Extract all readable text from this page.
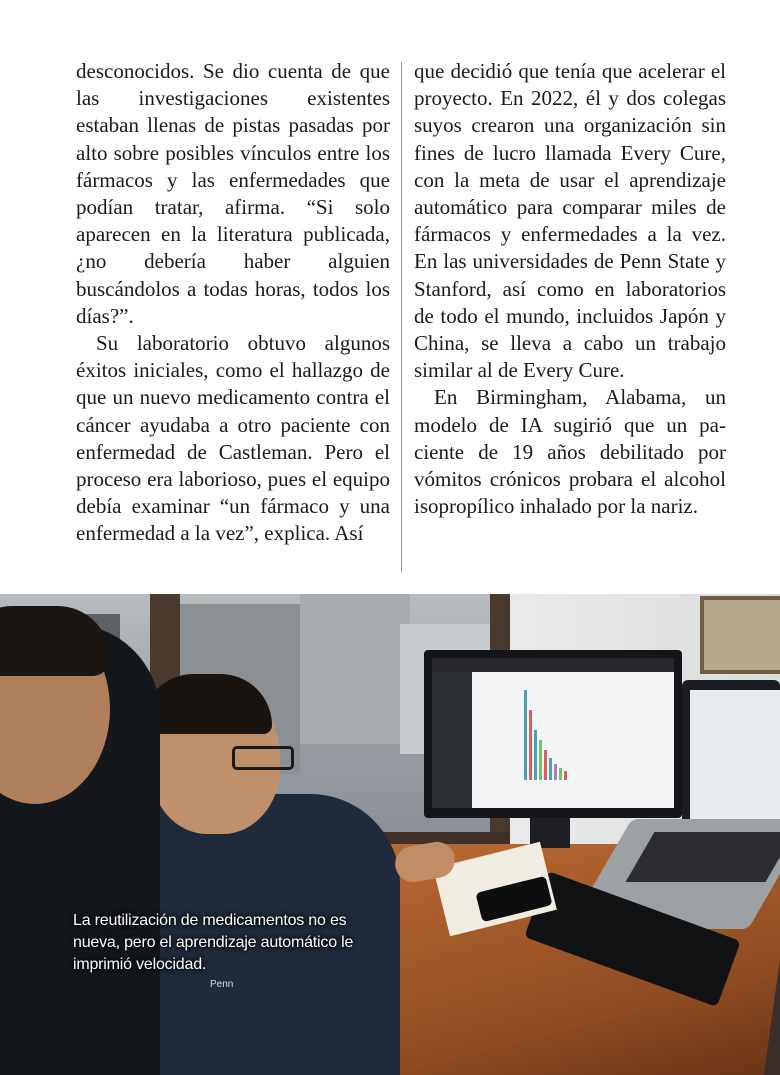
desconocidos. Se dio cuenta de que las investigaciones existentes estaban llenas de pistas pasadas por alto sobre posibles vínculos entre los fármacos y las enfermedades que podían tratar, afirma. “Si solo aparecen en la literatura publicada, ¿no debería haber alguien buscándolos a todas horas, todos los días?”.

Su laboratorio obtuvo algunos éxitos iniciales, como el hallazgo de que un nuevo medicamento contra el cáncer ayudaba a otro paciente con enfermedad de Castleman. Pero el proceso era laborioso, pues el equipo debía examinar “un fármaco y una enfermedad a la vez”, explica. Así

que decidió que tenía que acelerar el proyecto. En 2022, él y dos colegas suyos crearon una organización sin fines de lucro llamada Every Cure, con la meta de usar el aprendizaje automático para comparar miles de fármacos y enfermedades a la vez. En las universidades de Penn State y Stanford, así como en laboratorios de todo el mundo, incluidos Japón y China, se lleva a cabo un trabajo similar al de Every Cure.

En Birmingham, Alabama, un modelo de IA sugirió que un paciente de 19 años debilitado por vómitos crónicos probara el alcohol isopropílico inhalado por la nariz.

Penn
La reutilización de medicamentos no es nueva, pero el aprendizaje automático le imprimió velocidad.
